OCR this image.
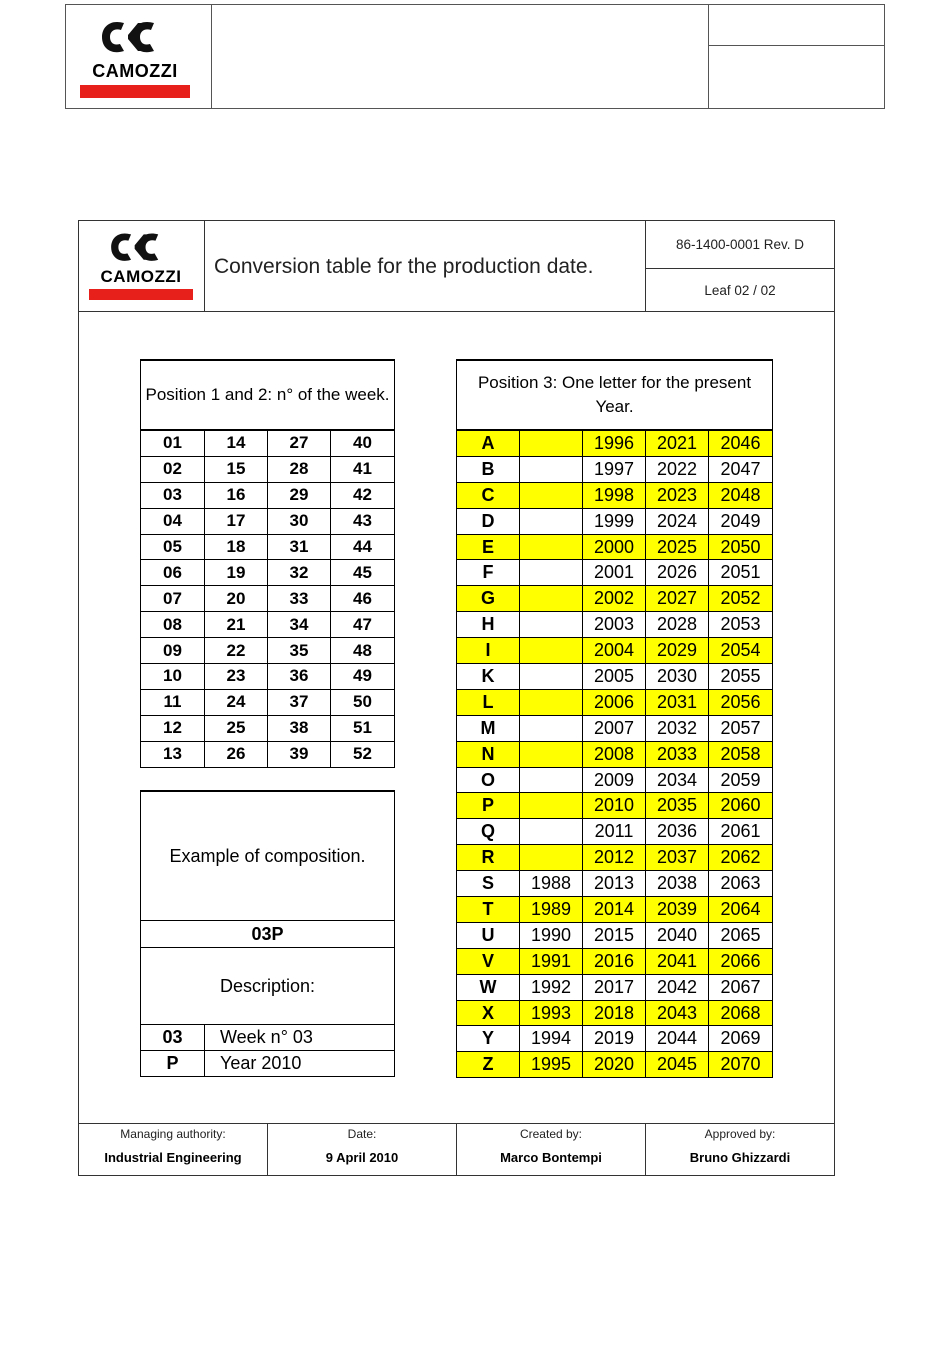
CAMOZZI
CAMOZZI	Conversion table for the production date.
86-1400-0001 Rev. D
Leaf 02 / 02
Position 1 and 2: n° of the week.			
01	14	27	40
02	15	28	41
03	16	29	42
04	17	30	43
05	18	31	44
06	19	32	45
07	20	33	46
08	21	34	47
09	22	35	48
10	23	36	49
11	24	37	50
12	25	38	51
13	26	39	52
Position 3: One letter for the present Year.				
A		1996	2021	2046
B		1997	2022	2047
C		1998	2023	2048
D		1999	2024	2049
E		2000	2025	2050
F		2001	2026	2051
G		2002	2027	2052
H		2003	2028	2053
I		2004	2029	2054
K		2005	2030	2055
L		2006	2031	2056
M		2007	2032	2057
N		2008	2033	2058
O		2009	2034	2059
P		2010	2035	2060
Q		2011	2036	2061
R		2012	2037	2062
S	1988	2013	2038	2063
T	1989	2014	2039	2064
U	1990	2015	2040	2065
V	1991	2016	2041	2066
W	1992	2017	2042	2067
X	1993	2018	2043	2068
Y	1994	2019	2044	2069
Z	1995	2020	2045	2070
Example of composition.	
03P	
Description:	
03	Week n° 03
P	Year 2010
Managing authority:
Industrial Engineering
Date:
9 April 2010
Created by:
Marco Bontempi
Approved by:
Bruno Ghizzardi
